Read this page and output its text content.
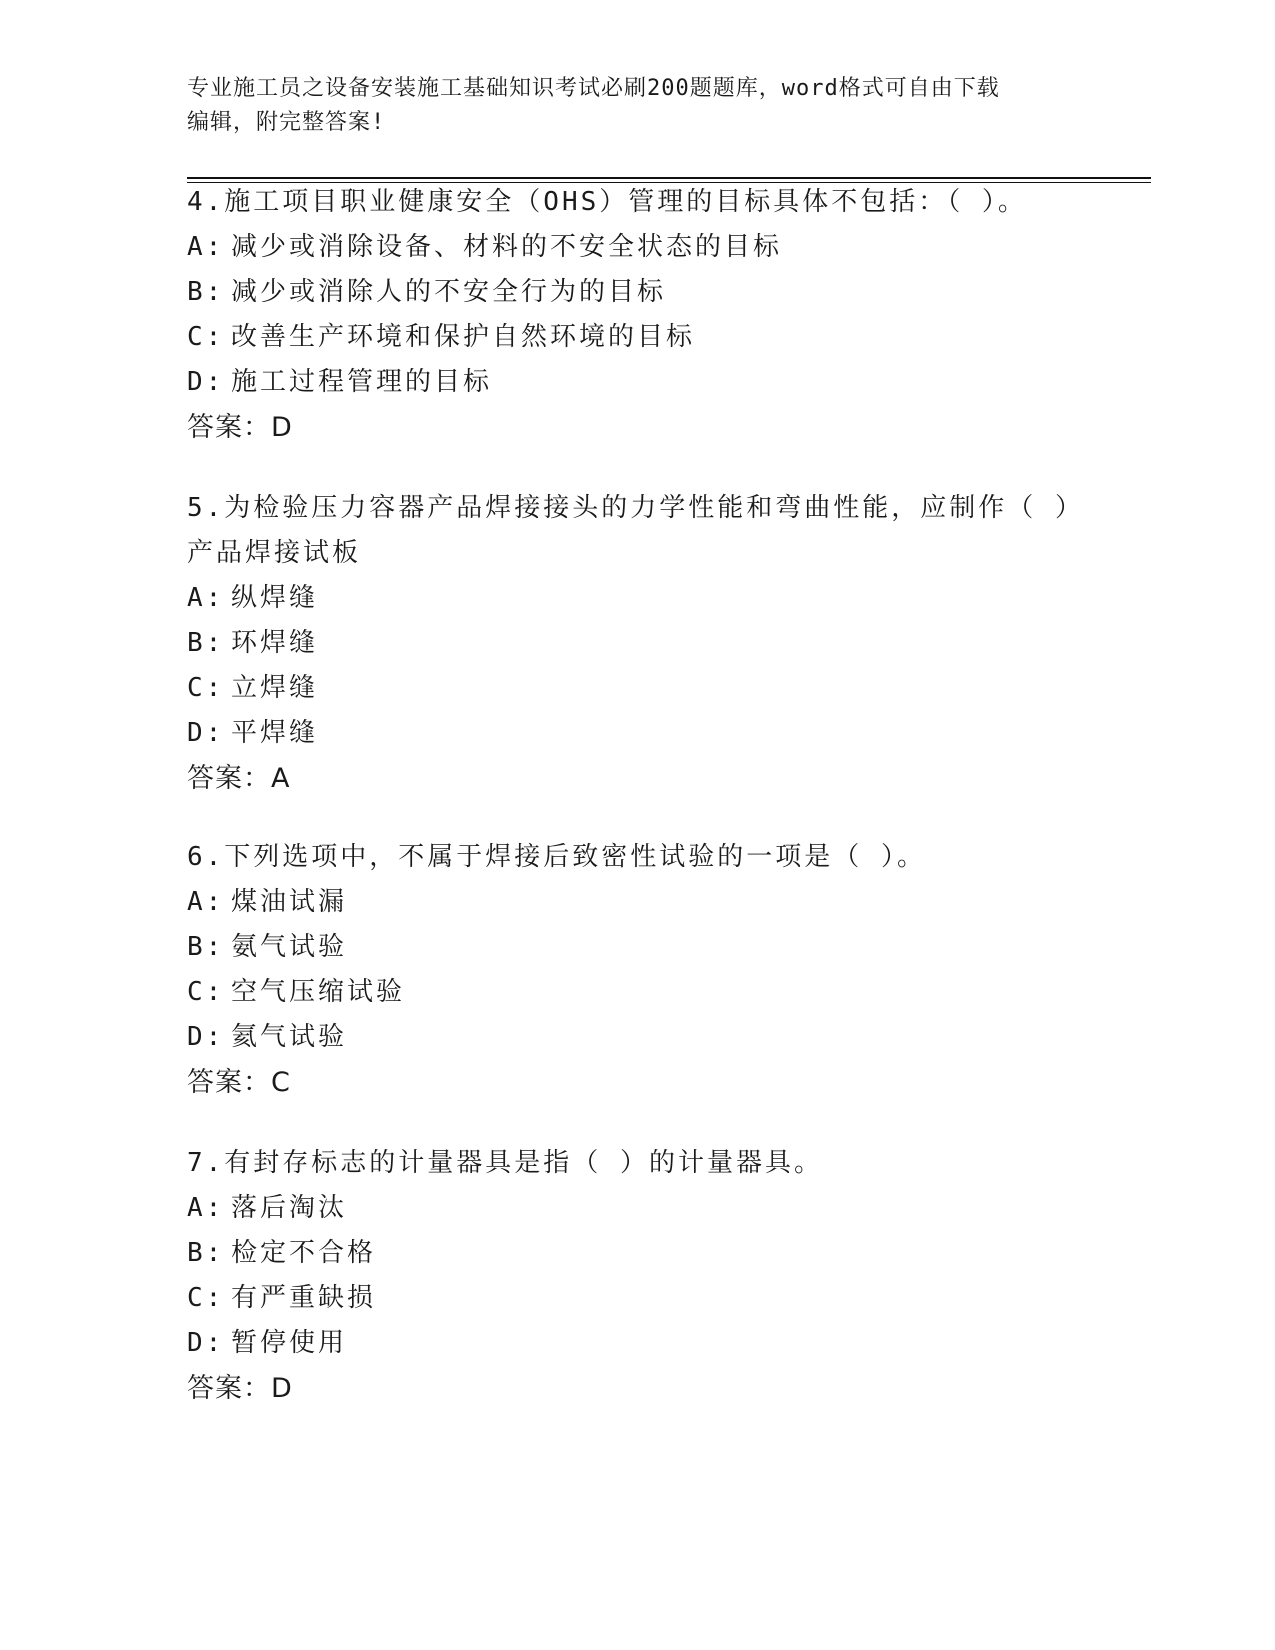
专业施工员之设备安装施工基础知识考试必刷200题题库，word格式可自由下载
编辑，附完整答案!
4.施工项目职业健康安全（OHS）管理的目标具体不包括：（ ）。
A: 减少或消除设备、材料的不安全状态的目标
B: 减少或消除人的不安全行为的目标
C: 改善生产环境和保护自然环境的目标
D: 施工过程管理的目标
答案：D
5.为检验压力容器产品焊接接头的力学性能和弯曲性能，应制作（ ）
产品焊接试板
A: 纵焊缝
B: 环焊缝
C: 立焊缝
D: 平焊缝
答案：A
6.下列选项中，不属于焊接后致密性试验的一项是（ ）。
A: 煤油试漏
B: 氨气试验
C: 空气压缩试验
D: 氦气试验
答案：C
7.有封存标志的计量器具是指（ ）的计量器具。
A: 落后淘汰
B: 检定不合格
C: 有严重缺损
D: 暂停使用
答案：D
